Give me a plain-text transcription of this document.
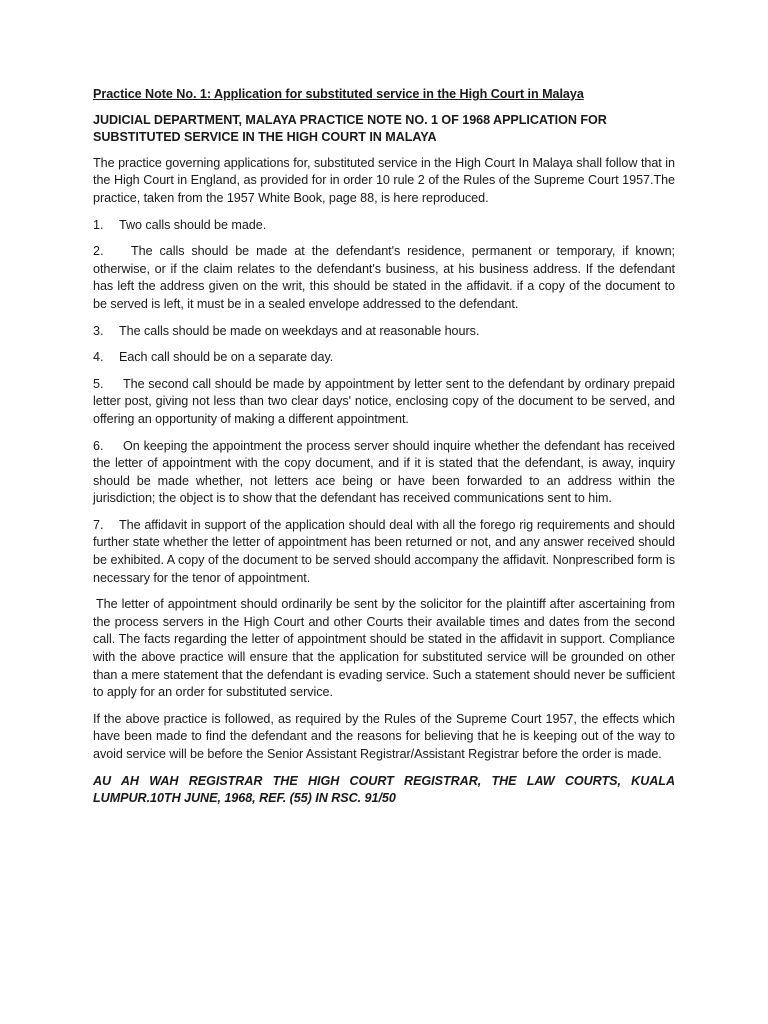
Practice Note No. 1: Application for substituted service in the High Court in Malaya
JUDICIAL DEPARTMENT, MALAYA PRACTICE NOTE NO. 1 OF 1968 APPLICATION FOR SUBSTITUTED SERVICE IN THE HIGH COURT IN MALAYA

The practice governing applications for, substituted service in the High Court In Malaya shall follow that in the High Court in England, as provided for in order 10 rule 2 of the Rules of the Supreme Court 1957.The practice, taken from the 1957 White Book, page 88, is here reproduced.

1. Two calls should be made.

2. The calls should be made at the defendant's residence, permanent or temporary, if known; otherwise, or if the claim relates to the defendant's business, at his business address. If the defendant has left the address given on the writ, this should be stated in the affidavit. if a copy of the document to be served is left, it must be in a sealed envelope addressed to the defendant.

3. The calls should be made on weekdays and at reasonable hours.

4. Each call should be on a separate day.

5. The second call should be made by appointment by letter sent to the defendant by ordinary prepaid letter post, giving not less than two clear days' notice, enclosing copy of the document to be served, and offering an opportunity of making a different appointment.

6. On keeping the appointment the process server should inquire whether the defendant has received the letter of appointment with the copy document, and if it is stated that the defendant, is away, inquiry should be made whether, not letters ace being or have been forwarded to an address within the jurisdiction; the object is to show that the defendant has received communications sent to him.

7. The affidavit in support of the application should deal with all the forego rig requirements and should further state whether the letter of appointment has been returned or not, and any answer received should be exhibited. A copy of the document to be served should accompany the affidavit. Nonprescribed form is necessary for the tenor of appointment.

The letter of appointment should ordinarily be sent by the solicitor for the plaintiff after ascertaining from the process servers in the High Court and other Courts their available times and dates from the second call. The facts regarding the letter of appointment should be stated in the affidavit in support. Compliance with the above practice will ensure that the application for substituted service will be grounded on other than a mere statement that the defendant is evading service. Such a statement should never be sufficient to apply for an order for substituted service.

If the above practice is followed, as required by the Rules of the Supreme Court 1957, the effects which have been made to find the defendant and the reasons for believing that he is keeping out of the way to avoid service will be before the Senior Assistant Registrar/Assistant Registrar before the order is made.

AU AH WAH REGISTRAR THE HIGH COURT REGISTRAR, THE LAW COURTS, KUALA LUMPUR.10TH JUNE, 1968, REF. (55) IN RSC. 91/50
